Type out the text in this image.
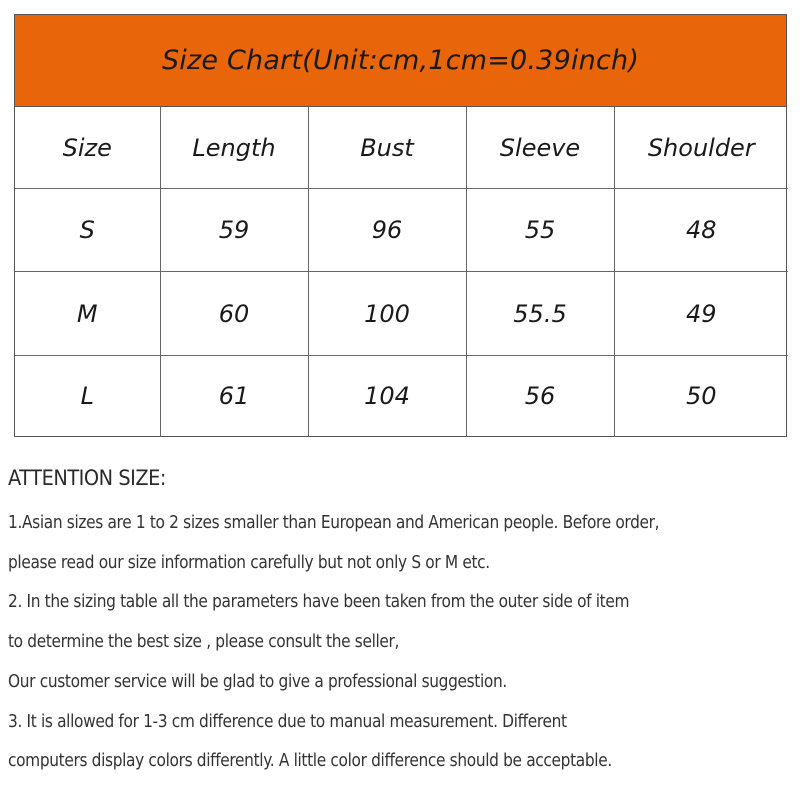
Size Chart(Unit:cm,1cm=0.39inch)
Size	Length	Bust	Sleeve	Shoulder
S	59	96	55	48
M	60	100	55.5	49
L	61	104	56	50
ATTENTION SIZE:
1.Asian sizes are 1 to 2 sizes smaller than European and American people. Before order,
please read our size information carefully but not only S or M etc.
2. In the sizing table all the parameters have been taken from the outer side of item
to determine the best size , please consult the seller,
Our customer service will be glad to give a professional suggestion.
3. It is allowed for 1-3 cm difference due to manual measurement. Different
computers display colors differently. A little color difference should be acceptable.
